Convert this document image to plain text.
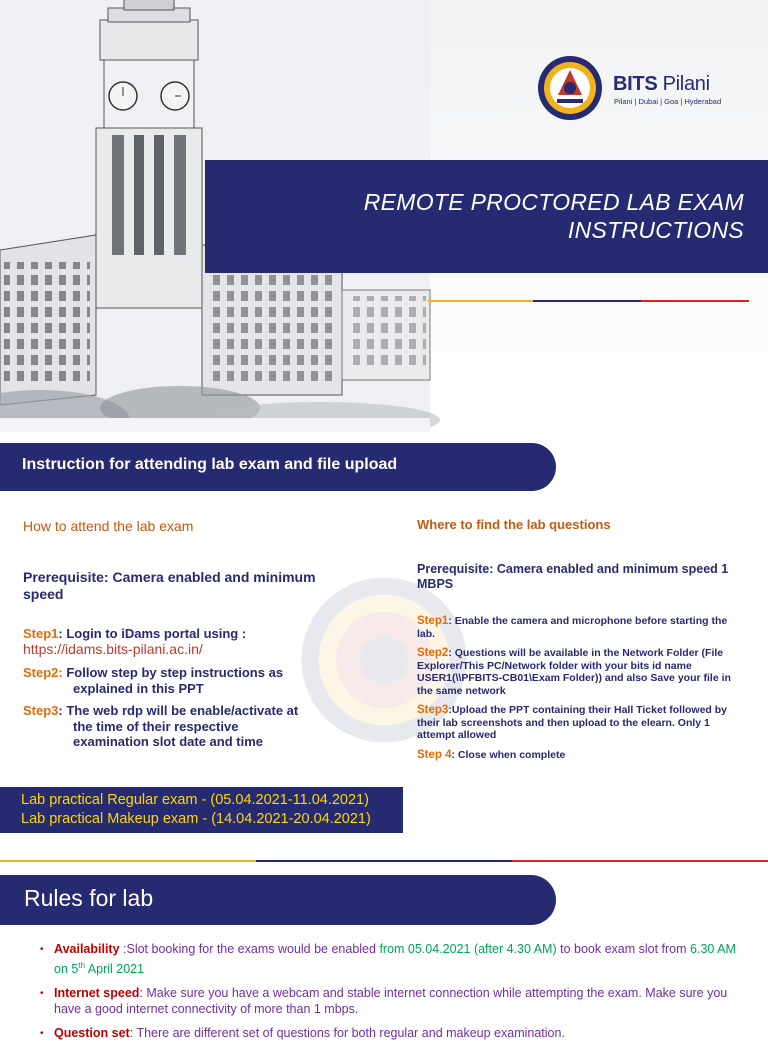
REMOTE PROCTORED LAB EXAM
INSTRUCTIONS
BITS Pilani
Pilani | Dubai | Goa | Hyderabad
Instruction for attending lab exam and file upload
How to attend the lab exam
Prerequisite: Camera enabled and minimum speed
Step1: Login to iDams portal using :
https://idams.bits-pilani.ac.in/
Step2: Follow step by step instructions as
explained in this PPT
Step3: The web rdp will be enable/activate at
the time of their respective
examination slot date and time
Where to find the lab questions
Prerequisite: Camera enabled and minimum speed 1 MBPS
Step1: Enable the camera and microphone before starting the lab.
Step2: Questions will be available in the Network Folder (File Explorer/This PC/Network folder with your bits id name USER1(\\PFBITS-CB01\Exam Folder)) and also Save your file in the same network
Step3:Upload the PPT containing their Hall Ticket followed by their lab screenshots and then upload to the elearn. Only 1 attempt allowed
Step 4: Close when complete
Lab practical Regular exam - (05.04.2021-11.04.2021)
Lab practical Makeup exam - (14.04.2021-20.04.2021)
Rules for lab
• Availability :Slot booking for the exams would be enabled from 05.04.2021 (after 4.30 AM) to book exam slot from 6.30 AM on 5th April 2021
• Internet speed: Make sure you have a webcam and stable internet connection while attempting the exam. Make sure you have a good internet connectivity of more than 1 mbps.
• Question set: There are different set of questions for both regular and makeup examination.
